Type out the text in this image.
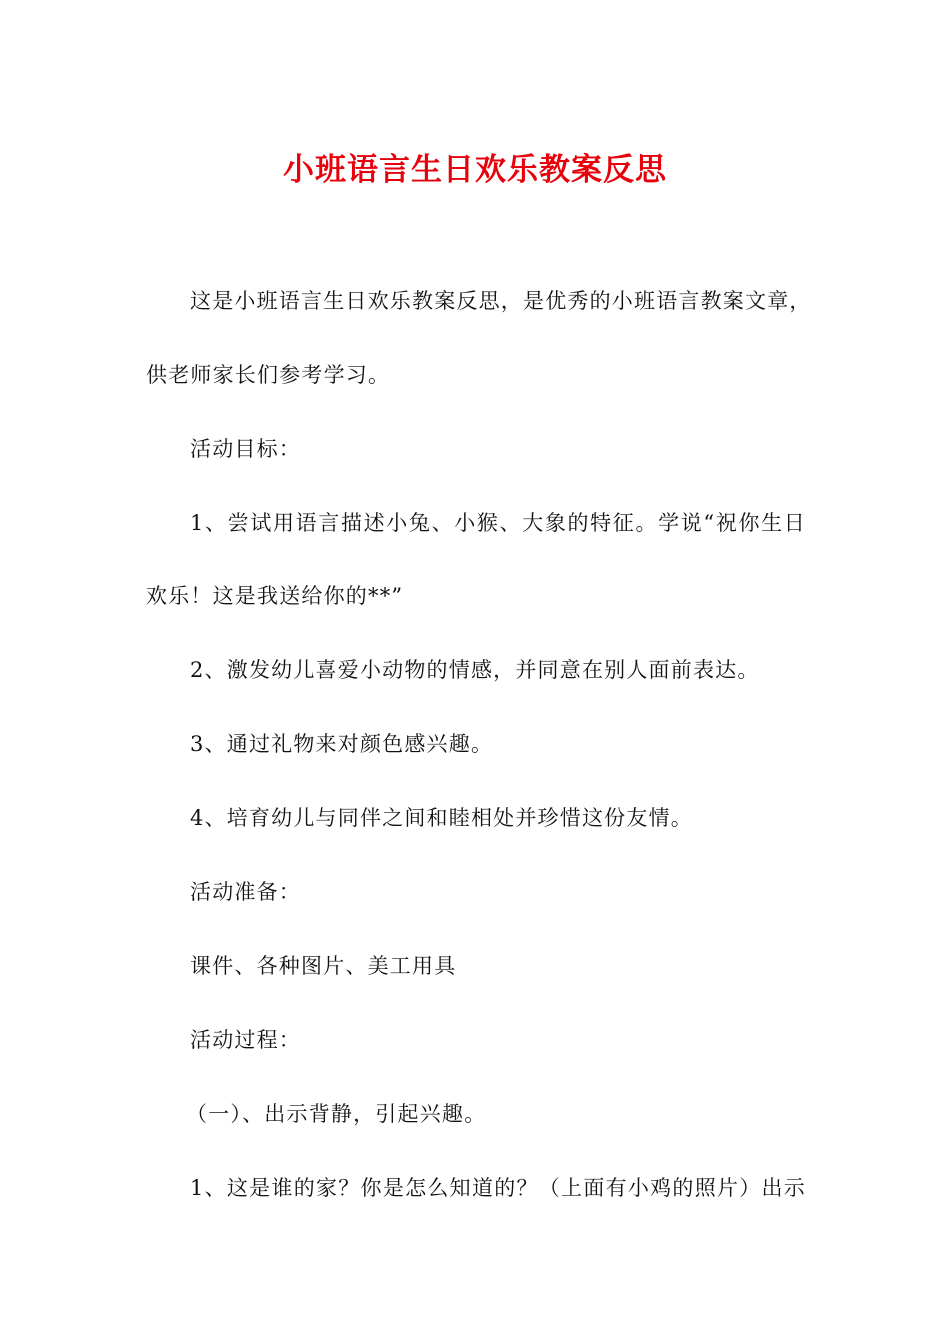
小班语言生日欢乐教案反思
这是小班语言生日欢乐教案反思，是优秀的小班语言教案文章，
供老师家长们参考学习。
活动目标：
1、尝试用语言描述小兔、小猴、大象的特征。学说“祝你生日
欢乐！这是我送给你的**”
2、激发幼儿喜爱小动物的情感，并同意在别人面前表达。
3、通过礼物来对颜色感兴趣。
4、培育幼儿与同伴之间和睦相处并珍惜这份友情。
活动准备：
课件、各种图片、美工用具
活动过程：
（一）、出示背静，引起兴趣。
1、这是谁的家？你是怎么知道的？（上面有小鸡的照片）出示
